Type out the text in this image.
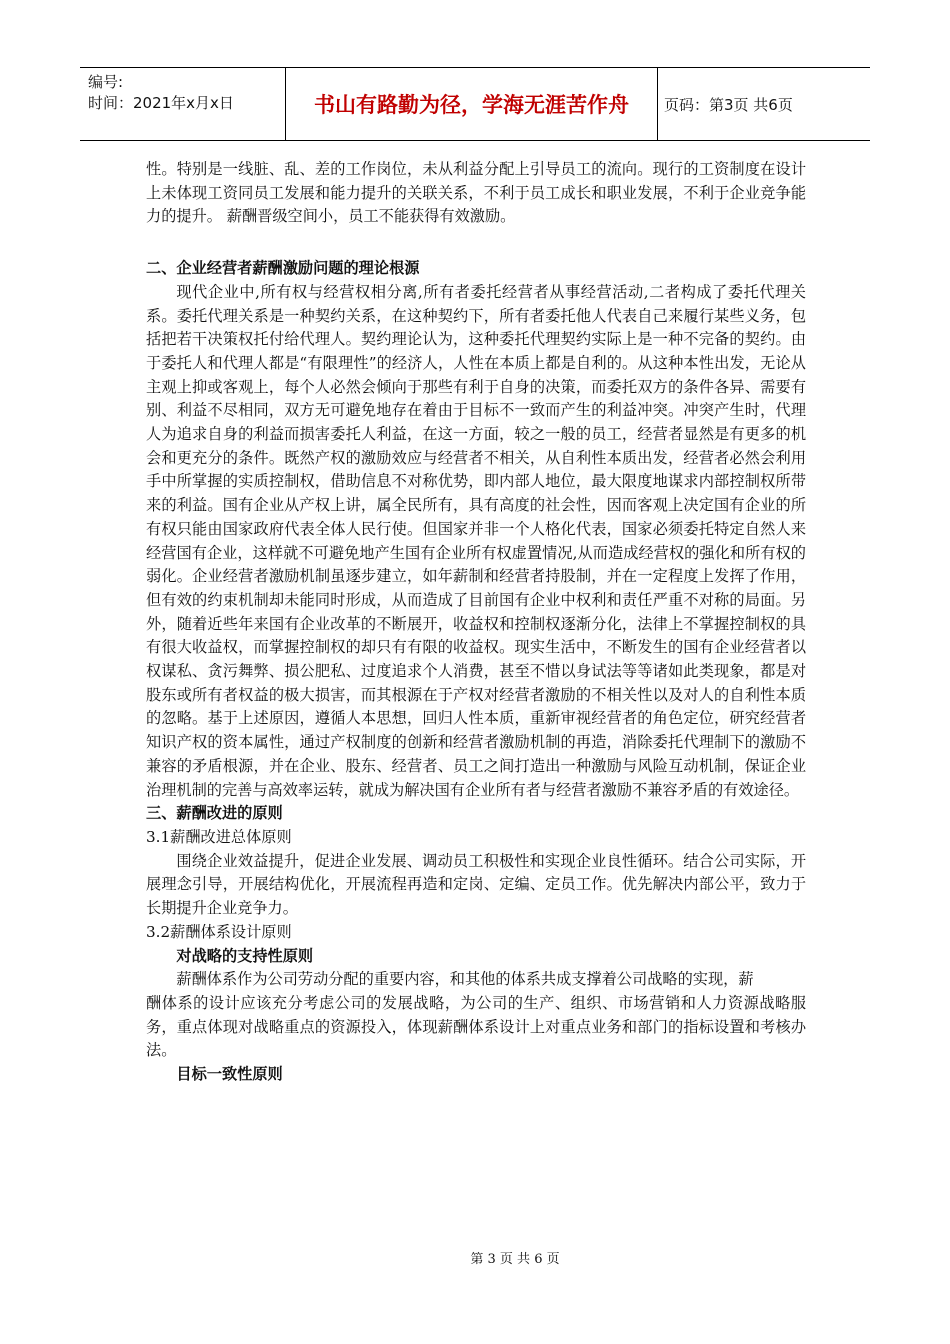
编号:
时间：2021年x月x日	书山有路勤为径，学海无涯苦作舟	页码：第3页 共6页

性。特别是一线脏、乱、差的工作岗位，未从利益分配上引导员工的流向。现行的工资制度在设计上未体现工资同员工发展和能力提升的关联关系，不利于员工成长和职业发展，不利于企业竞争能力的提升。 薪酬晋级空间小，员工不能获得有效激励。

二、企业经营者薪酬激励问题的理论根源

现代企业中,所有权与经营权相分离,所有者委托经营者从事经营活动,二者构成了委托代理关系。委托代理关系是一种契约关系，在这种契约下，所有者委托他人代表自己来履行某些义务，包括把若干决策权托付给代理人。契约理论认为，这种委托代理契约实际上是一种不完备的契约。由于委托人和代理人都是“有限理性”的经济人，人性在本质上都是自利的。从这种本性出发，无论从主观上抑或客观上，每个人必然会倾向于那些有利于自身的决策，而委托双方的条件各异、需要有别、利益不尽相同，双方无可避免地存在着由于目标不一致而产生的利益冲突。冲突产生时，代理人为追求自身的利益而损害委托人利益，在这一方面，较之一般的员工，经营者显然是有更多的机会和更充分的条件。既然产权的激励效应与经营者不相关，从自利性本质出发，经营者必然会利用手中所掌握的实质控制权，借助信息不对称优势，即内部人地位，最大限度地谋求内部控制权所带来的利益。国有企业从产权上讲，属全民所有，具有高度的社会性，因而客观上决定国有企业的所有权只能由国家政府代表全体人民行使。但国家并非一个人格化代表，国家必须委托特定自然人来经营国有企业，这样就不可避免地产生国有企业所有权虚置情况,从而造成经营权的强化和所有权的弱化。企业经营者激励机制虽逐步建立，如年薪制和经营者持股制，并在一定程度上发挥了作用，但有效的约束机制却未能同时形成，从而造成了目前国有企业中权利和责任严重不对称的局面。另外，随着近些年来国有企业改革的不断展开，收益权和控制权逐渐分化，法律上不掌握控制权的具有很大收益权，而掌握控制权的却只有有限的收益权。现实生活中，不断发生的国有企业经营者以权谋私、贪污舞弊、损公肥私、过度追求个人消费，甚至不惜以身试法等等诸如此类现象，都是对股东或所有者权益的极大损害，而其根源在于产权对经营者激励的不相关性以及对人的自利性本质的忽略。基于上述原因，遵循人本思想，回归人性本质，重新审视经营者的角色定位，研究经营者知识产权的资本属性，通过产权制度的创新和经营者激励机制的再造，消除委托代理制下的激励不兼容的矛盾根源，并在企业、股东、经营者、员工之间打造出一种激励与风险互动机制，保证企业治理机制的完善与高效率运转，就成为解决国有企业所有者与经营者激励不兼容矛盾的有效途径。

三、薪酬改进的原则

3.1薪酬改进总体原则

围绕企业效益提升，促进企业发展、调动员工积极性和实现企业良性循环。结合公司实际，开展理念引导，开展结构优化，开展流程再造和定岗、定编、定员工作。优先解决内部公平，致力于长期提升企业竞争力。

3.2薪酬体系设计原则

对战略的支持性原则

薪酬体系作为公司劳动分配的重要内容，和其他的体系共成支撑着公司战略的实现，薪

酬体系的设计应该充分考虑公司的发展战略，为公司的生产、组织、市场营销和人力资源战略服务，重点体现对战略重点的资源投入，体现薪酬体系设计上对重点业务和部门的指标设置和考核办法。

目标一致性原则

第 3 页 共 6 页
